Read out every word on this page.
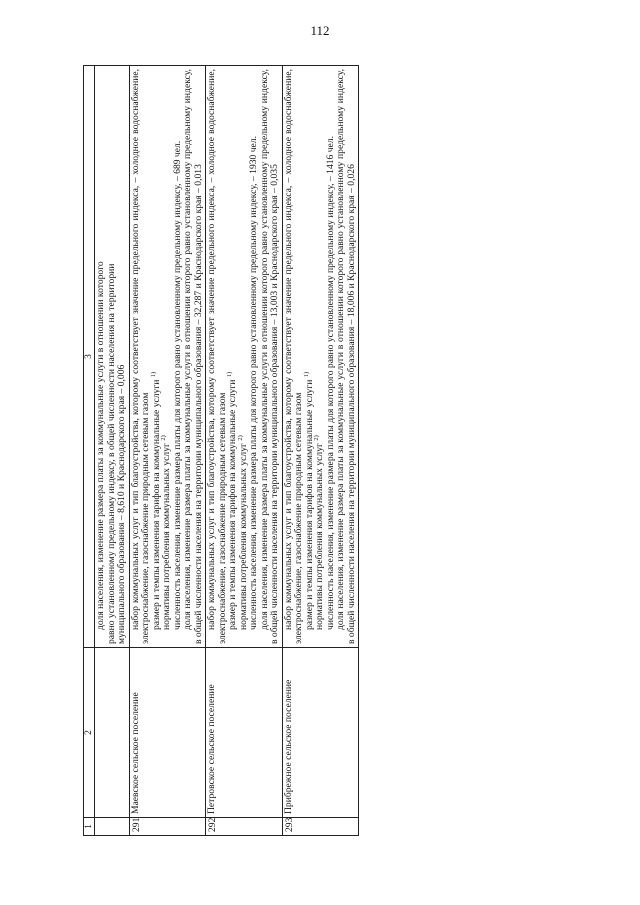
112
1	2	3

		доля населения, изменение размера платы за коммунальные услуги в отношении которого равно установленному предельному индексу, в общей численности населения на территории муниципального образования – 8,610 и Краснодарского края – 0,006

291	Маевское сельское поселение	набор коммунальных услуг и тип благоустройства, которому соответствует значение предельного индекса, – холодное водоснабжение, электроснабжение, газоснабжение природным сетевым газом размер и темпы изменения тарифов на коммунальные услуги $^{1)}$

нормативы потребления коммунальных услуг $^{2)}$ численность населения, изменение размера платы для которого равно установленному предельному индексу, – 689 чел. доля населения, изменение размера платы за коммунальные услуги в отношении которого равно установленному предельному индексу, в общей численности населения на территории муниципального образования – 32,287 и Краснодарского края – 0,013

292	Петровское сельское поселение	набор коммунальных услуг и тип благоустройства, которому соответствует значение предельного индекса, – холодное водоснабжение, электроснабжение, газоснабжение природным сетевым газом размер и темпы изменения тарифов на коммунальные услуги $^{1)}$

нормативы потребления коммунальных услуг $^{2)}$ численность населения, изменение размера платы для которого равно установленному предельному индексу, – 1930 чел. доля населения, изменение размера платы за коммунальные услуги в отношении которого равно установленному предельному индексу, в общей численности населения на территории муниципального образования – 13,003 и Краснодарского края – 0,035

293	Прибрежное сельское поселение	набор коммунальных услуг и тип благоустройства, которому соответствует значение предельного индекса, – холодное водоснабжение, электроснабжение, газоснабжение природным сетевым газом размер и темпы изменения тарифов на коммунальные услуги $^{1)}$

нормативы потребления коммунальных услуг $^{2)}$ численность населения, изменение размера платы для которого равно установленному предельному индексу, – 1416 чел. доля населения, изменение размера платы за коммунальные услуги в отношении которого равно установленному предельному индексу, в общей численности населения на территории муниципального образования – 18,006 и Краснодарского края – 0,026
